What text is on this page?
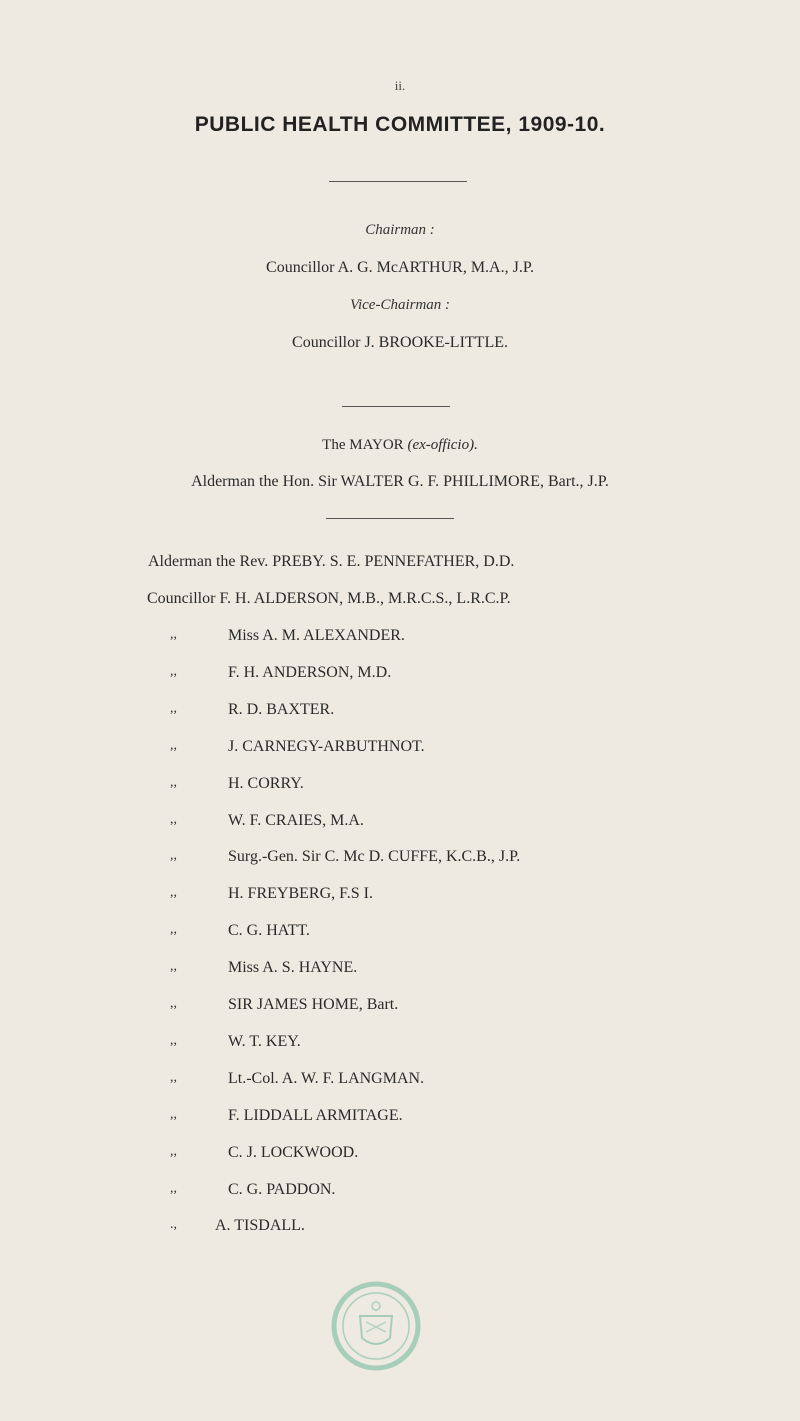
ii.
PUBLIC HEALTH COMMITTEE, 1909-10.
Chairman :
Councillor A. G. McARTHUR, M.A., J.P.
Vice-Chairman :
Councillor J. BROOKE-LITTLE.
The MAYOR (ex-officio).
Alderman the Hon. Sir WALTER G. F. PHILLIMORE, Bart., J.P.
Alderman the Rev. PREBY. S. E. PENNEFATHER, D.D.
Councillor F. H. ALDERSON, M.B., M.R.C.S., L.R.C.P.
,,	Miss A. M. ALEXANDER.
,,	F. H. ANDERSON, M.D.
,,	R. D. BAXTER.
,,	J. CARNEGY-ARBUTHNOT.
,,	H. CORRY.
,,	W. F. CRAIES, M.A.
,,	Surg.-Gen. Sir C. Mc D. CUFFE, K.C.B., J.P.
,,	H. FREYBERG, F.S I.
,,	C. G. HATT.
,,	Miss A. S. HAYNE.
,,	SIR JAMES HOME, Bart.
,,	W. T. KEY.
,,	Lt.-Col. A. W. F. LANGMAN.
,,	F. LIDDALL ARMITAGE.
,,	C. J. LOCKWOOD.
,,	C. G. PADDON.
., A. TISDALL.
